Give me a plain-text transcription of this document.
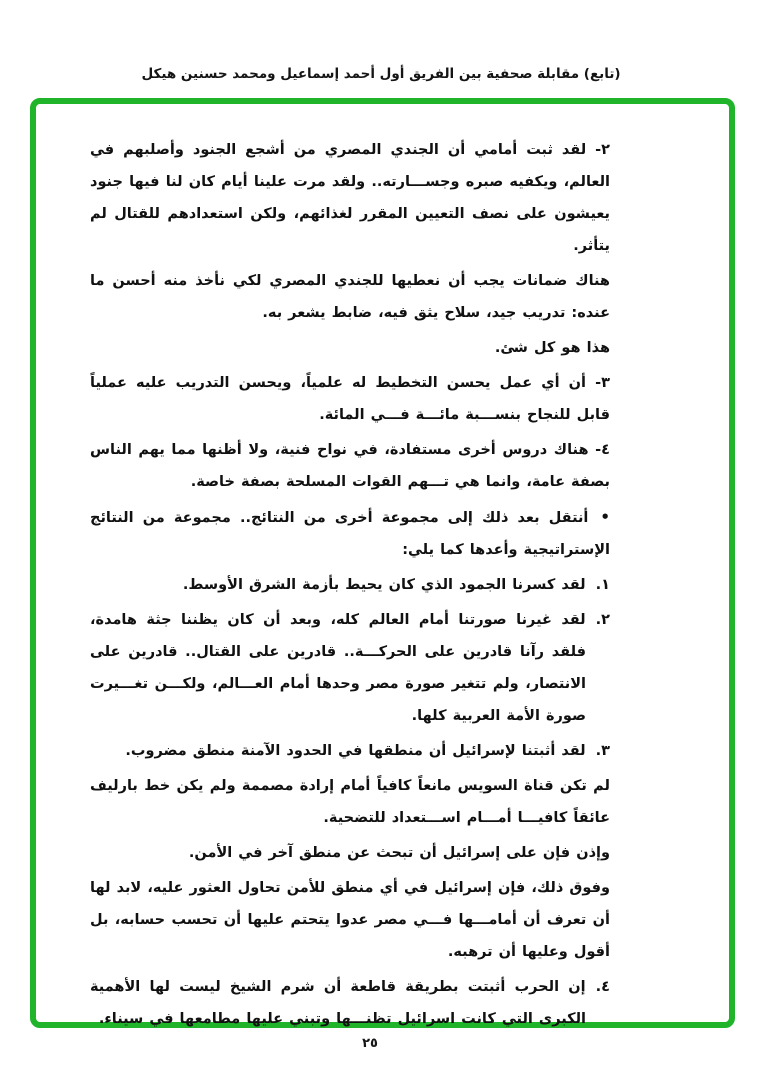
(تابع) مقابلة صحفية بين الفريق أول أحمد إسماعيل ومحمد حسنين هيكل

٢- لقد ثبت أمامي أن الجندي المصري من أشجع الجنود وأصلبهم في العالم، ويكفيه صبره وجســـارته.. ولقد مرت علينا أيام كان لنا فيها جنود يعيشون على نصف التعيين المقرر لغذائهم، ولكن استعدادهم للقتال لم يتأثر.

هناك ضمانات يجب أن نعطيها للجندي المصري لكي نأخذ منه أحسن ما عنده: تدريب جيد، سلاح يثق فيه، ضابط يشعر به.

هذا هو كل شئ.

٣- أن أي عمل يحسن التخطيط له علمياً، ويحسن التدريب عليه عملياً قابل للنجاح بنســـبة مائـــة فـــي المائة.

٤- هناك دروس أخرى مستفادة، في نواح فنية، ولا أظنها مما يهم الناس بصفة عامة، وانما هي تـــهم القوات المسلحة بصفة خاصة.

•أنتقل بعد ذلك إلى مجموعة أخرى من النتائج.. مجموعة من النتائج الإستراتيجية وأعدها كما يلي:

١.لقد كسرنا الجمود الذي كان يحيط بأزمة الشرق الأوسط.

٢.لقد غيرنا صورتنا أمام العالم كله، وبعد أن كان يظننا جثة هامدة، فلقد رآنا قادرين على الحركـــة.. قادرين على القتال.. قادرين على الانتصار، ولم تتغير صورة مصر وحدها أمام العـــالم، ولكـــن تغـــيرت صورة الأمة العربية كلها.

٣.لقد أثبتنا لإسرائيل أن منطقها في الحدود الآمنة منطق مضروب.

لم تكن قناة السويس مانعاً كافياً أمام إرادة مصممة ولم يكن خط بارليف عائقاً كافيـــا أمـــام اســـتعداد للتضحية.

وإذن فإن على إسرائيل أن تبحث عن منطق آخر في الأمن.

وفوق ذلك، فإن إسرائيل في أي منطق للأمن تحاول العثور عليه، لابد لها أن تعرف أن أمامـــها فـــي مصر عدوا يتحتم عليها أن تحسب حسابه، بل أقول وعليها أن ترهبه.

٤.إن الحرب أثبتت بطريقة قاطعة أن شرم الشيخ ليست لها الأهمية الكبرى التي كانت اسرائيل تظنـــها وتبني عليها مطامعها في سيناء.

٢٥
